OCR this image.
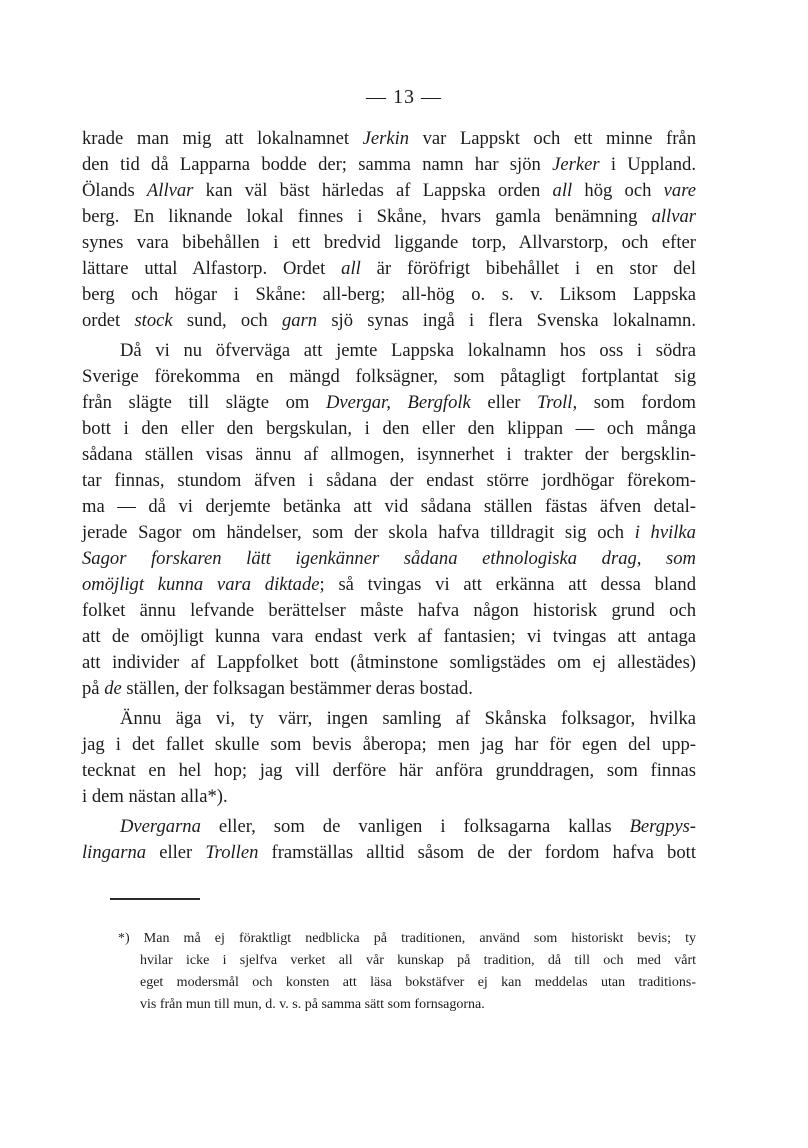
— 13 —
krade man mig att lokalnamnet Jerkin var Lappskt och ett minne från
den tid då Lapparna bodde der; samma namn har sjön Jerker i Uppland.
Ölands Allvar kan väl bäst härledas af Lappska orden all hög och vare
berg. En liknande lokal finnes i Skåne, hvars gamla benämning allvar
synes vara bibehållen i ett bredvid liggande torp, Allvarstorp, och efter
lättare uttal Alfastorp. Ordet all är föröfrigt bibehållet i en stor del
berg och högar i Skåne: all-berg; all-hög o. s. v. Liksom Lappska
ordet stock sund, och garn sjö synas ingå i flera Svenska lokalnamn.
Då vi nu öfverväga att jemte Lappska lokalnamn hos oss i södra
Sverige förekomma en mängd folksägner, som påtagligt fortplantat sig
från slägte till slägte om Dvergar, Bergfolk eller Troll, som fordom
bott i den eller den bergskulan, i den eller den klippan — och många
sådana ställen visas ännu af allmogen, isynnerhet i trakter der bergsklin-
tar finnas, stundom äfven i sådana der endast större jordhögar förekom-
ma — då vi derjemte betänka att vid sådana ställen fästas äfven detal-
jerade Sagor om händelser, som der skola hafva tilldragit sig och i hvilka
Sagor forskaren lätt igenkänner sådana ethnologiska drag, som
omöjligt kunna vara diktade; så tvingas vi att erkänna att dessa bland
folket ännu lefvande berättelser måste hafva någon historisk grund och
att de omöjligt kunna vara endast verk af fantasien; vi tvingas att antaga
att individer af Lappfolket bott (åtminstone somligstädes om ej allestädes)
på de ställen, der folksagan bestämmer deras bostad.
Ännu äga vi, ty värr, ingen samling af Skånska folksagor, hvilka
jag i det fallet skulle som bevis åberopa; men jag har för egen del upp-
tecknat en hel hop; jag vill derföre här anföra grunddragen, som finnas
i dem nästan alla*).
Dvergarna eller, som de vanligen i folksagarna kallas Bergpys-
lingarna eller Trollen framställas alltid såsom de der fordom hafva bott
*) Man må ej föraktligt nedblicka på traditionen, använd som historiskt bevis; ty
hvilar icke i sjelfva verket all vår kunskap på tradition, då till och med vårt
eget modersmål och konsten att läsa bokstäfver ej kan meddelas utan traditions-
vis från mun till mun, d. v. s. på samma sätt som fornsagorna.
